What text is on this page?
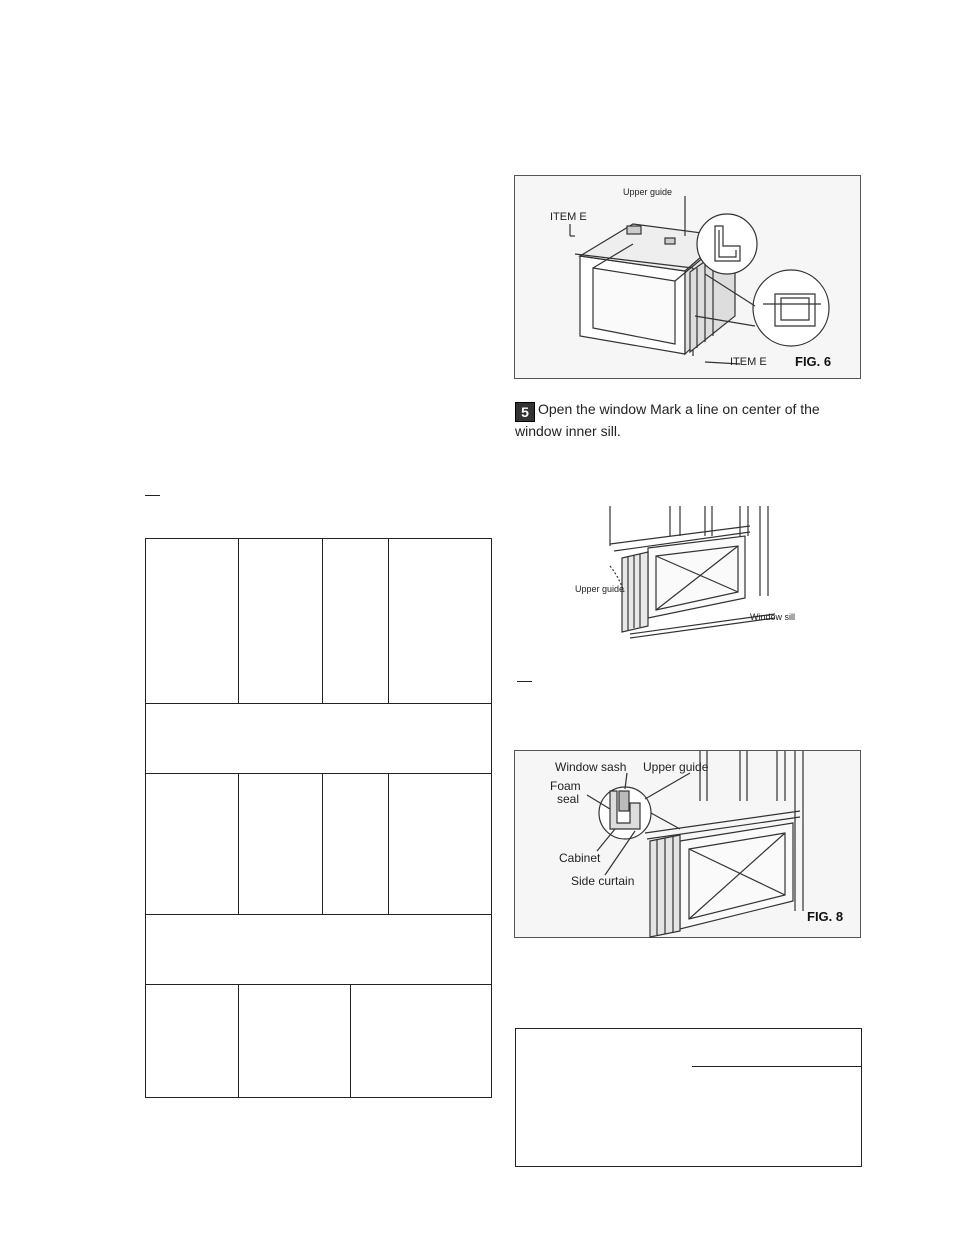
Upper guide
ITEM E
ITEM E FIG. 6
5 Open the window Mark a line on center of the
window inner sill.
Upper guide
Window sill
Window sash Upper guide
Foam
seal
Cabinet
Side curtain
FIG. 8
